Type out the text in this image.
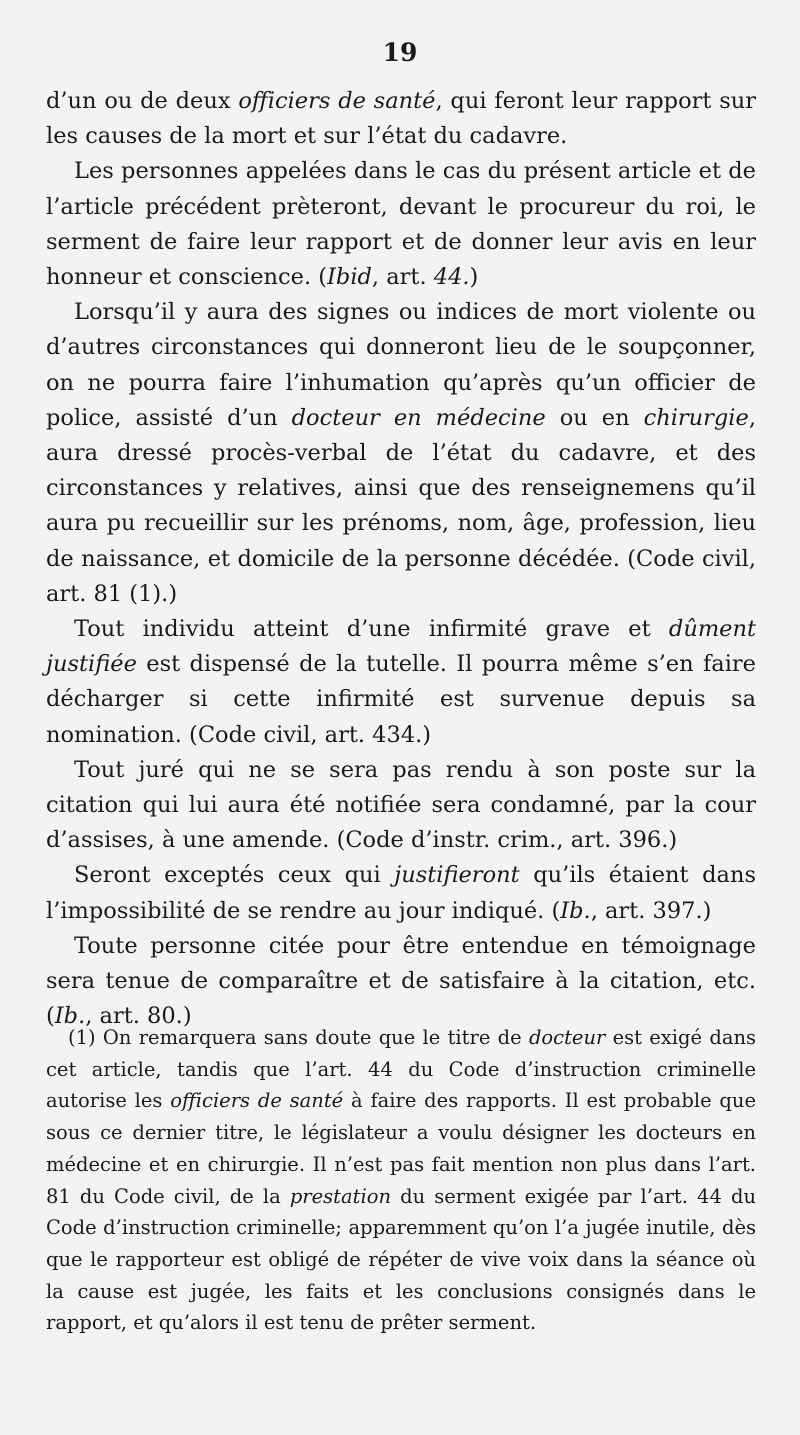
19

d’un ou de deux officiers de santé, qui feront leur rapport sur les causes de la mort et sur l’état du cadavre.

Les personnes appelées dans le cas du présent article et de l’article précédent prèteront, devant le procureur du roi, le serment de faire leur rapport et de donner leur avis en leur honneur et conscience. (Ibid, art. 44.)

Lorsqu’il y aura des signes ou indices de mort violente ou d’autres circonstances qui donneront lieu de le soupçonner, on ne pourra faire l’inhumation qu’après qu’un officier de police, assisté d’un docteur en médecine ou en chirurgie, aura dressé procès-verbal de l’état du cadavre, et des circonstances y relatives, ainsi que des renseignemens qu’il aura pu recueillir sur les prénoms, nom, âge, profession, lieu de naissance, et domicile de la personne décédée. (Code civil, art. 81 (1).)

Tout individu atteint d’une infirmité grave et dûment justifiée est dispensé de la tutelle. Il pourra même s’en faire décharger si cette infirmité est survenue depuis sa nomination. (Code civil, art. 434.)

Tout juré qui ne se sera pas rendu à son poste sur la citation qui lui aura été notifiée sera condamné, par la cour d’assises, à une amende. (Code d’instr. crim., art. 396.)

Seront exceptés ceux qui justifieront qu’ils étaient dans l’impossibilité de se rendre au jour indiqué. (Ib., art. 397.)

Toute personne citée pour être entendue en témoignage sera tenue de comparaître et de satisfaire à la citation, etc. (Ib., art. 80.)

(1) On remarquera sans doute que le titre de docteur est exigé dans cet article, tandis que l’art. 44 du Code d’instruction criminelle autorise les officiers de santé à faire des rapports. Il est probable que sous ce dernier titre, le législateur a voulu désigner les docteurs en médecine et en chirurgie. Il n’est pas fait mention non plus dans l’art. 81 du Code civil, de la prestation du serment exigée par l’art. 44 du Code d’instruction criminelle; apparemment qu’on l’a jugée inutile, dès que le rapporteur est obligé de répéter de vive voix dans la séance où la cause est jugée, les faits et les conclusions consignés dans le rapport, et qu’alors il est tenu de prêter serment.
